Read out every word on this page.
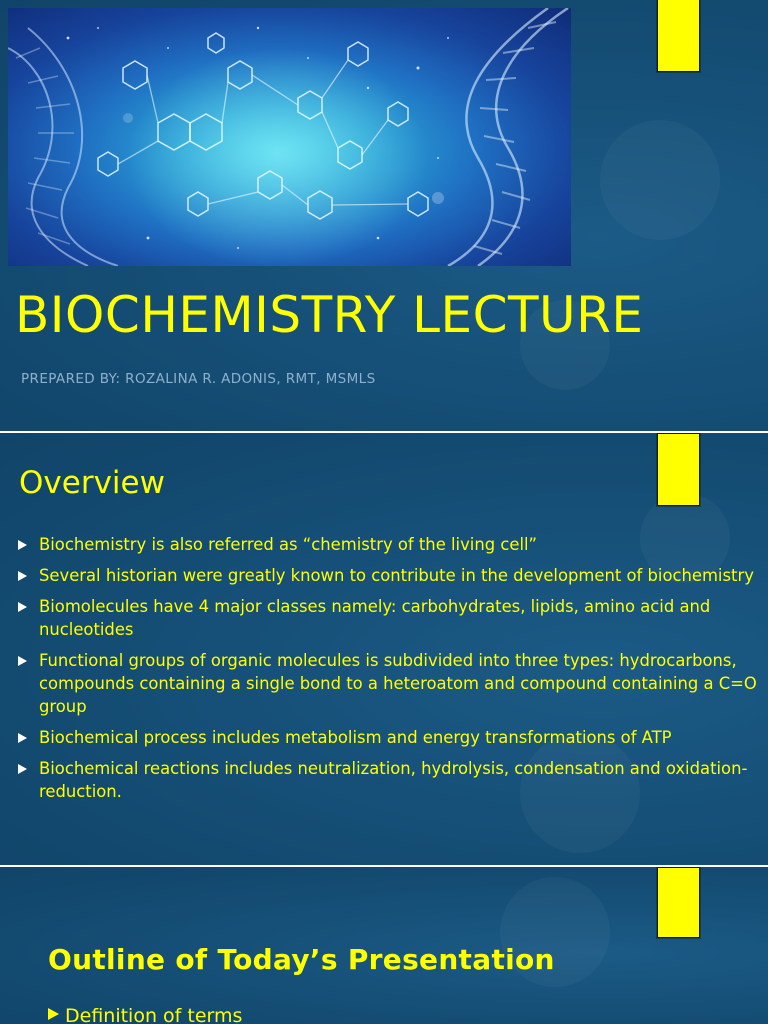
BIOCHEMISTRY LECTURE
PREPARED BY: ROZALINA R. ADONIS, RMT, MSMLS
Overview
Biochemistry is also referred as “chemistry of the living cell”
Several historian were greatly known to contribute in the development of biochemistry
Biomolecules have 4 major classes namely: carbohydrates, lipids, amino acid and nucleotides
Functional groups of organic molecules is subdivided into three types: hydrocarbons, compounds containing a single bond to a heteroatom and compound containing a C=O group
Biochemical process includes metabolism and energy transformations of ATP
Biochemical reactions includes neutralization, hydrolysis, condensation and oxidation-reduction.
Outline of Today’s Presentation
Definition of terms
